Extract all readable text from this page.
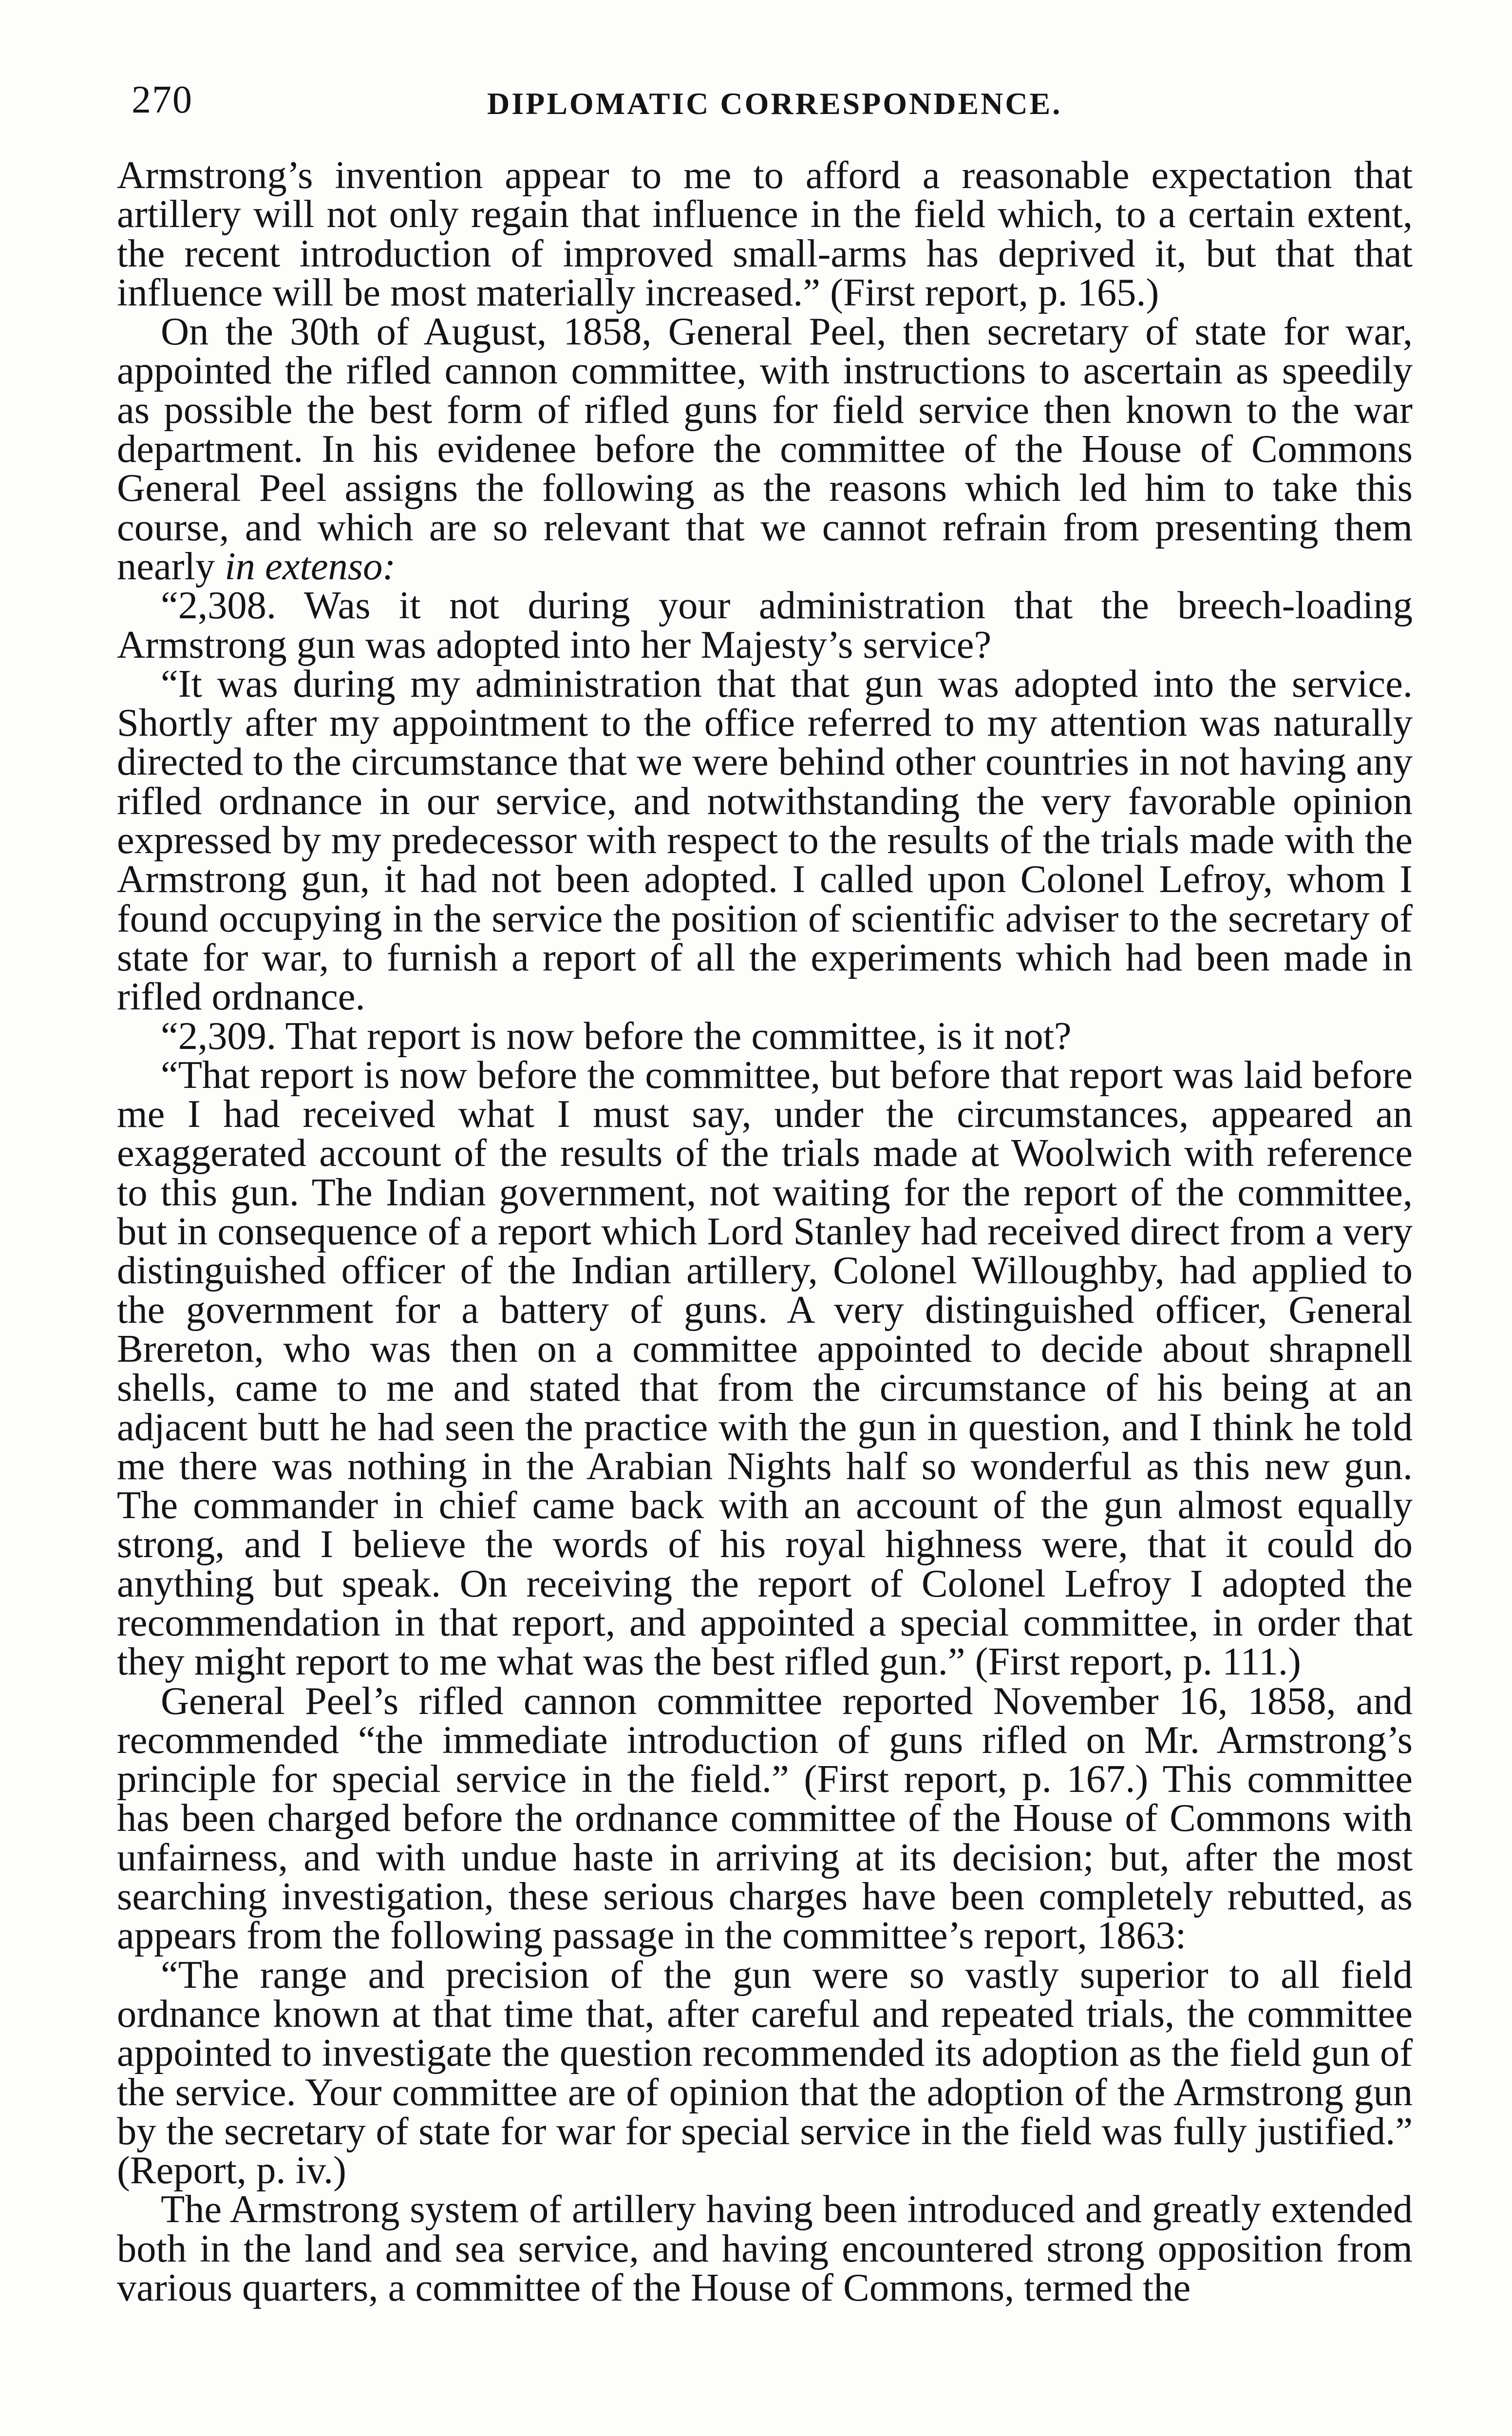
270	DIPLOMATIC CORRESPONDENCE.

Armstrong’s invention appear to me to afford a reasonable expectation that artillery will not only regain that influence in the field which, to a certain extent, the recent introduction of improved small-arms has deprived it, but that that influence will be most materially increased.” (First report, p. 165.)

On the 30th of August, 1858, General Peel, then secretary of state for war, appointed the rifled cannon committee, with instructions to ascertain as speedily as possible the best form of rifled guns for field service then known to the war department. In his evidenee before the committee of the House of Commons General Peel assigns the following as the reasons which led him to take this course, and which are so relevant that we cannot refrain from presenting them nearly in extenso:

“2,308. Was it not during your administration that the breech-loading Armstrong gun was adopted into her Majesty’s service?

“It was during my administration that that gun was adopted into the service. Shortly after my appointment to the office referred to my attention was naturally directed to the circumstance that we were behind other countries in not having any rifled ordnance in our service, and notwithstanding the very favorable opinion expressed by my predecessor with respect to the results of the trials made with the Armstrong gun, it had not been adopted. I called upon Colonel Lefroy, whom I found occupying in the service the position of scientific adviser to the secretary of state for war, to furnish a report of all the experiments which had been made in rifled ordnance.

“2,309. That report is now before the committee, is it not?

“That report is now before the committee, but before that report was laid before me I had received what I must say, under the circumstances, appeared an exaggerated account of the results of the trials made at Woolwich with reference to this gun. The Indian government, not waiting for the report of the committee, but in consequence of a report which Lord Stanley had received direct from a very distinguished officer of the Indian artillery, Colonel Willoughby, had applied to the government for a battery of guns. A very distinguished officer, General Brereton, who was then on a committee appointed to decide about shrapnell shells, came to me and stated that from the circumstance of his being at an adjacent butt he had seen the practice with the gun in question, and I think he told me there was nothing in the Arabian Nights half so wonderful as this new gun. The commander in chief came back with an account of the gun almost equally strong, and I believe the words of his royal highness were, that it could do anything but speak. On receiving the report of Colonel Lefroy I adopted the recommendation in that report, and appointed a special committee, in order that they might report to me what was the best rifled gun.” (First report, p. 111.)

General Peel’s rifled cannon committee reported November 16, 1858, and recommended “the immediate introduction of guns rifled on Mr. Armstrong’s principle for special service in the field.” (First report, p. 167.) This committee has been charged before the ordnance committee of the House of Commons with unfairness, and with undue haste in arriving at its decision; but, after the most searching investigation, these serious charges have been completely rebutted, as appears from the following passage in the committee’s report, 1863:

“The range and precision of the gun were so vastly superior to all field ordnance known at that time that, after careful and repeated trials, the committee appointed to investigate the question recommended its adoption as the field gun of the service. Your committee are of opinion that the adoption of the Armstrong gun by the secretary of state for war for special service in the field was fully justified.” (Report, p. iv.)

The Armstrong system of artillery having been introduced and greatly extended both in the land and sea service, and having encountered strong opposition from various quarters, a committee of the House of Commons, termed the
